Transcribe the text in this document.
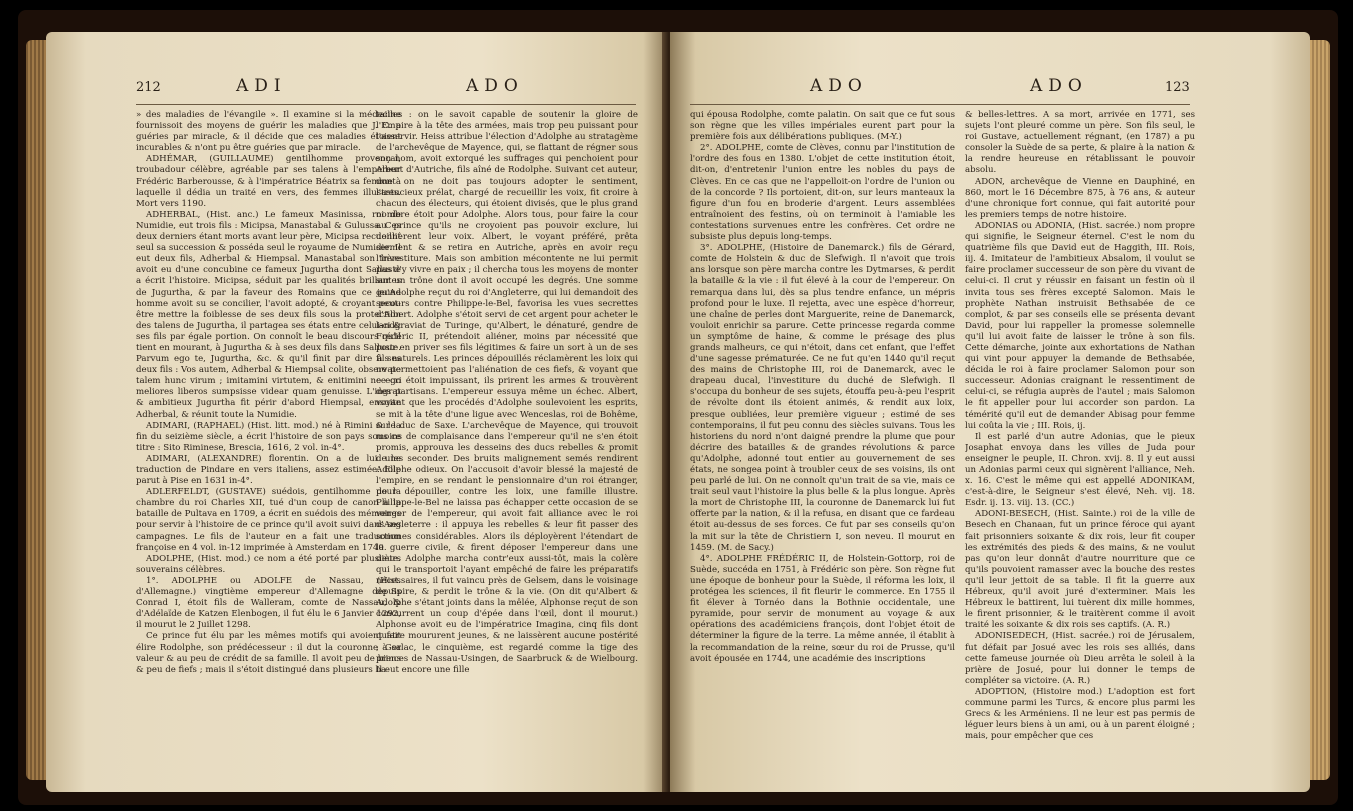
212	ADI	ADO

» des maladies de l'évangile ». Il examine si la médecine fournissoit des moyens de guérir les maladies que J. C. a guéries par miracle, & il décide que ces maladies étoient incurables & n'ont pu être guéries que par miracle.

ADHÉMAR, (GUILLAUME) gentilhomme provençal, troubadour célèbre, agréable par ses talens à l'empereur Frédéric Barberousse, & à l'impératrice Béatrix sa femme à laquelle il dédia un traité en vers, des femmes illustres. Mort vers 1190.

ADHERBAL, (Hist. anc.) Le fameux Masinissa, roi de Numidie, eut trois fils : Micipsa, Manastabal & Gulussa. Ces deux derniers étant morts avant leur père, Micipsa recueillit seul sa succession & posséda seul le royaume de Numidie. Il eut deux fils, Adherbal & Hiempsal. Manastabal son frère avoit eu d'une concubine ce fameux Jugurtha dont Salluste a écrit l'histoire. Micipsa, séduit par les qualités brillantes de Jugurtha, & par la faveur des Romains que ce jeune homme avoit su se concilier, l'avoit adopté, & croyant peut-être mettre la foiblesse de ses deux fils sous la protection des talens de Jugurtha, il partagea ses états entre celui-ci & ses fils par égale portion. On connoît le beau discours qu'il tient en mourant, à Jugurtha & à ses deux fils dans Salluste. Parvum ego te, Jugurtha, &c. & qu'il finit par dire à ses deux fils : Vos autem, Adherbal & Hiempsal colite, observate talem hunc virum ; imitamini virtutem, & enitimini ne ego meliores liberos sumpsisse videar quam genuisse. L'ingrat & ambitieux Jugurtha fit périr d'abord Hiempsal, ensuite Adherbal, & réunit toute la Numidie.

ADIMARI, (RAPHAEL) (Hist. litt. mod.) né à Rimini sur la fin du seizième siècle, a écrit l'histoire de son pays sous ce titre : Sito Riminese, Brescia, 1616, 2 vol. in-4°.

ADIMARI, (ALEXANDRE) florentin. On a de lui une traduction de Pindare en vers italiens, assez estimée. Elle parut à Pise en 1631 in-4°.

ADLERFELDT, (GUSTAVE) suédois, gentilhomme de la chambre du roi Charles XII, tué d'un coup de canon à la bataille de Pultava en 1709, a écrit en suédois des mémoires pour servir à l'histoire de ce prince qu'il avoit suivi dans ses campagnes. Le fils de l'auteur en a fait une traduction françoise en 4 vol. in-12 imprimée à Amsterdam en 1740.

ADOLPHE, (Hist. mod.) ce nom a été porté par plusieurs souverains célèbres.

1°. ADOLPHE ou ADOLFE de Nassau, (Hist. d'Allemagne.) vingtième empereur d'Allemagne depuis Conrad I, étoit fils de Walleram, comte de Nassau, & d'Adélaïde de Katzen Elenbogen, il fut élu le 6 Janvier 1292, il mourut le 2 Juillet 1298.

Ce prince fut élu par les mêmes motifs qui avoient fait élire Rodolphe, son prédécesseur : il dut la couronne à sa valeur & au peu de crédit de sa famille. Il avoit peu de biens & peu de fiefs ; mais il s'étoit distingué dans plusieurs ba-

tailles : on le savoit capable de soutenir la gloire de l'Empire à la tête des armées, mais trop peu puissant pour l'asservir. Heiss attribue l'élection d'Adolphe au stratagème de l'archevêque de Mayence, qui, se flattant de régner sous son nom, avoit extorqué les suffrages qui penchoient pour Albert d'Autriche, fils aîné de Rodolphe. Suivant cet auteur, dont on ne doit pas toujours adopter le sentiment, l'astucieux prélat, chargé de recueillir les voix, fit croire à chacun des électeurs, qui étoient divisés, que le plus grand nombre étoit pour Adolphe. Alors tous, pour faire la cour au prince qu'ils ne croyoient pas pouvoir exclure, lui donnèrent leur voix. Albert, le voyant préféré, prêta serment & se retira en Autriche, après en avoir reçu l'investiture. Mais son ambition mécontente ne lui permit pas d'y vivre en paix ; il chercha tous les moyens de monter sur un trône dont il avoit occupé les degrés. Une somme qu'Adolphe reçut du roi d'Angleterre, qui lui demandoit des secours contre Philippe-le-Bel, favorisa les vues secrettes d'Albert. Adolphe s'étoit servi de cet argent pour acheter le landgraviat de Turinge, qu'Albert, le dénaturé, gendre de Frédéric II, prétendoit aliéner, moins par nécessité que pour en priver ses fils légitimes & faire un sort à un de ses fils naturels. Les princes dépouillés réclamèrent les loix qui ne permettoient pas l'aliénation de ces fiefs, & voyant que ce cri étoit impuissant, ils prirent les armes & trouvèrent des partisans. L'empereur essuya même un échec. Albert, voyant que les procédés d'Adolphe soulevoient les esprits, se mit à la tête d'une ligue avec Wenceslas, roi de Bohême, & le duc de Saxe. L'archevêque de Mayence, qui trouvoit moins de complaisance dans l'empereur qu'il ne s'en étoit promis, approuva les desseins des ducs rebelles & promit de les seconder. Des bruits malignement semés rendirent Adolphe odieux. On l'accusoit d'avoir blessé la majesté de l'empire, en se rendant le pensionnaire d'un roi étranger, pour dépouiller, contre les loix, une famille illustre. Philippe-le-Bel ne laissa pas échapper cette occasion de se venger de l'empereur, qui avoit fait alliance avec le roi d'Angleterre : il appuya les rebelles & leur fit passer des sommes considérables. Alors ils déployèrent l'étendart de la guerre civile, & firent déposer l'empereur dans une diète. Adolphe marcha contr'eux aussi-tôt, mais la colère qui le transportoit l'ayant empêché de faire les préparatifs nécessaires, il fut vaincu près de Gelsem, dans le voisinage de Spire, & perdit le trône & la vie. (On dit qu'Albert & Adolphe s'étant joints dans la mêlée, Alphonse reçut de son concurrent un coup d'épée dans l'œil, dont il mourut.) Alphonse avoit eu de l'impératrice Imagina, cinq fils dont quatre moururent jeunes, & ne laissèrent aucune postérité ; Gerlac, le cinquième, est regardé comme la tige des princes de Nassau-Usingen, de Saarbruck & de Wielbourg. Il eut encore une fille

ADO	ADO	123

qui épousa Rodolphe, comte palatin. On sait que ce fut sous son règne que les villes impériales eurent part pour la première fois aux délibérations publiques. (M-Y.)

2°. ADOLPHE, comte de Clèves, connu par l'institution de l'ordre des fous en 1380. L'objet de cette institution étoit, dit-on, d'entretenir l'union entre les nobles du pays de Clèves. En ce cas que ne l'appelloit-on l'ordre de l'union ou de la concorde ? Ils portoient, dit-on, sur leurs manteaux la figure d'un fou en broderie d'argent. Leurs assemblées entraînoient des festins, où on terminoit à l'amiable les contestations survenues entre les confrères. Cet ordre ne subsiste plus depuis long-temps.

3°. ADOLPHE, (Histoire de Danemarck.) fils de Gérard, comte de Holstein & duc de Slefwigh. Il n'avoit que trois ans lorsque son père marcha contre les Dytmarses, & perdit la bataille & la vie : il fut élevé à la cour de l'empereur. On remarqua dans lui, dès sa plus tendre enfance, un mépris profond pour le luxe. Il rejetta, avec une espèce d'horreur, une chaîne de perles dont Marguerite, reine de Danemarck, vouloit enrichir sa parure. Cette princesse regarda comme un symptôme de haine, & comme le présage des plus grands malheurs, ce qui n'étoit, dans cet enfant, que l'effet d'une sagesse prématurée. Ce ne fut qu'en 1440 qu'il reçut des mains de Christophe III, roi de Danemarck, avec le drapeau ducal, l'investiture du duché de Slefwigh. Il s'occupa du bonheur de ses sujets, étouffa peu-à-peu l'esprit de révolte dont ils étoient animés, & rendit aux loix, presque oubliées, leur première vigueur ; estimé de ses contemporains, il fut peu connu des siècles suivans. Tous les historiens du nord n'ont daigné prendre la plume que pour décrire des batailles & de grandes révolutions & parce qu'Adolphe, adonné tout entier au gouvernement de ses états, ne songea point à troubler ceux de ses voisins, ils ont peu parlé de lui. On ne connoît qu'un trait de sa vie, mais ce trait seul vaut l'histoire la plus belle & la plus longue. Après la mort de Christophe III, la couronne de Danemarck lui fut offerte par la nation, & il la refusa, en disant que ce fardeau étoit au-dessus de ses forces. Ce fut par ses conseils qu'on la mit sur la tête de Christiern I, son neveu. Il mourut en 1459. (M. de Sacy.)

4°. ADOLPHE FRÉDÉRIC II, de Holstein-Gottorp, roi de Suède, succéda en 1751, à Frédéric son père. Son règne fut une époque de bonheur pour la Suède, il réforma les loix, il protégea les sciences, il fit fleurir le commerce. En 1755 il fit élever à Tornéo dans la Bothnie occidentale, une pyramide, pour servir de monument au voyage & aux opérations des académiciens françois, dont l'objet étoit de déterminer la figure de la terre. La même année, il établit à la recommandation de la reine, sœur du roi de Prusse, qu'il avoit épousée en 1744, une académie des inscriptions

& belles-lettres. A sa mort, arrivée en 1771, ses sujets l'ont pleuré comme un père. Son fils seul, le roi Gustave, actuellement régnant, (en 1787) a pu consoler la Suède de sa perte, & plaire à la nation & la rendre heureuse en rétablissant le pouvoir absolu.

ADON, archevêque de Vienne en Dauphiné, en 860, mort le 16 Décembre 875, à 76 ans, & auteur d'une chronique fort connue, qui fait autorité pour les premiers temps de notre histoire.

ADONIAS ou ADONIA, (Hist. sacrée.) nom propre qui signifie, le Seigneur éternel. C'est le nom du quatrième fils que David eut de Haggith, III. Rois, iij. 4. Imitateur de l'ambitieux Absalom, il voulut se faire proclamer successeur de son père du vivant de celui-ci. Il crut y réussir en faisant un festin où il invita tous ses frères excepté Salomon. Mais le prophète Nathan instruisit Bethsabée de ce complot, & par ses conseils elle se présenta devant David, pour lui rappeller la promesse solemnelle qu'il lui avoit faite de laisser le trône à son fils. Cette démarche, jointe aux exhortations de Nathan qui vint pour appuyer la demande de Bethsabée, décida le roi à faire proclamer Salomon pour son successeur. Adonias craignant le ressentiment de celui-ci, se réfugia auprès de l'autel ; mais Salomon le fit appeller pour lui accorder son pardon. La témérité qu'il eut de demander Abisag pour femme lui coûta la vie ; III. Rois, ij.

Il est parlé d'un autre Adonias, que le pieux Josaphat envoya dans les villes de Juda pour enseigner le peuple, II. Chron. xvij. 8. Il y eut aussi un Adonias parmi ceux qui signèrent l'alliance, Neh. x. 16. C'est le même qui est appellé ADONIKAM, c'est-à-dire, le Seigneur s'est élevé, Neh. vij. 18. Esdr. ij. 13. viij. 13. (CC.)

ADONI-BESECH, (Hist. Sainte.) roi de la ville de Besech en Chanaan, fut un prince féroce qui ayant fait prisonniers soixante & dix rois, leur fit couper les extrémités des pieds & des mains, & ne voulut pas qu'on leur donnât d'autre nourriture que ce qu'ils pouvoient ramasser avec la bouche des restes qu'il leur jettoit de sa table. Il fit la guerre aux Hébreux, qu'il avoit juré d'exterminer. Mais les Hébreux le battirent, lui tuèrent dix mille hommes, le firent prisonnier, & le traitèrent comme il avoit traité les soixante & dix rois ses captifs. (A. R.)

ADONISEDECH, (Hist. sacrée.) roi de Jérusalem, fut défait par Josué avec les rois ses alliés, dans cette fameuse journée où Dieu arrêta le soleil à la prière de Josué, pour lui donner le temps de compléter sa victoire. (A. R.)

ADOPTION, (Histoire mod.) L'adoption est fort commune parmi les Turcs, & encore plus parmi les Grecs & les Arméniens. Il ne leur est pas permis de léguer leurs biens à un ami, ou à un parent éloigné ; mais, pour empêcher que ces
